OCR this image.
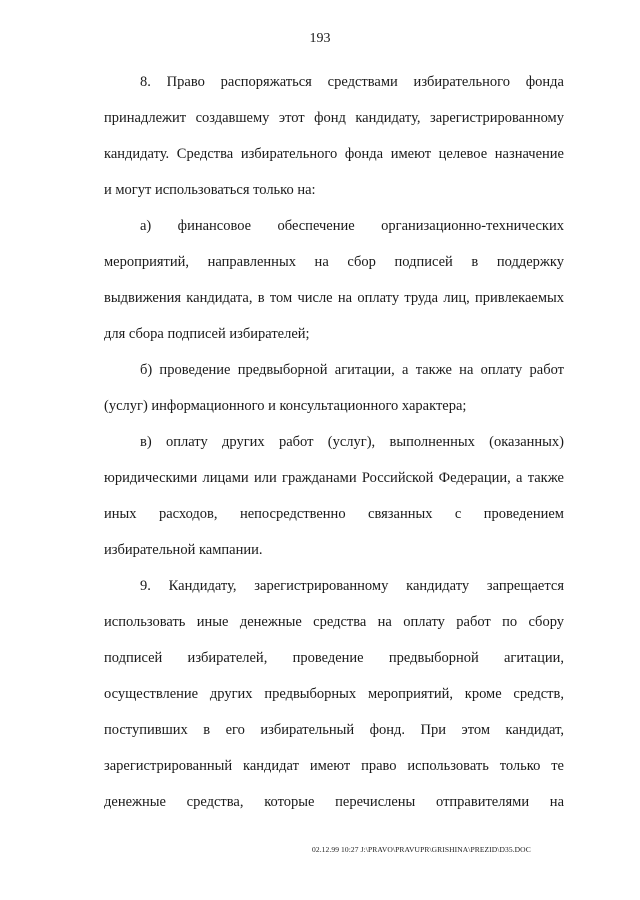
193
8. Право распоряжаться средствами избирательного фонда
принадлежит создавшему этот фонд кандидату, зарегистрированному
кандидату. Средства избирательного фонда имеют целевое назначение
и могут использоваться только на:
а) финансовое обеспечение организационно-технических
мероприятий, направленных на сбор подписей в поддержку
выдвижения кандидата, в том числе на оплату труда лиц, привлекаемых
для сбора подписей избирателей;
б) проведение предвыборной агитации, а также на оплату работ
(услуг) информационного и консультационного характера;
в) оплату других работ (услуг), выполненных (оказанных)
юридическими лицами или гражданами Российской Федерации, а также
иных расходов, непосредственно связанных с проведением
избирательной кампании.
9. Кандидату, зарегистрированному кандидату запрещается
использовать иные денежные средства на оплату работ по сбору
подписей избирателей, проведение предвыборной агитации,
осуществление других предвыборных мероприятий, кроме средств,
поступивших в его избирательный фонд. При этом кандидат,
зарегистрированный кандидат имеют право использовать только те
денежные средства, которые перечислены отправителями на
02.12.99 10:27 J:\PRAVO\PRAVUPR\GRISHINA\PREZID\D35.DOC
